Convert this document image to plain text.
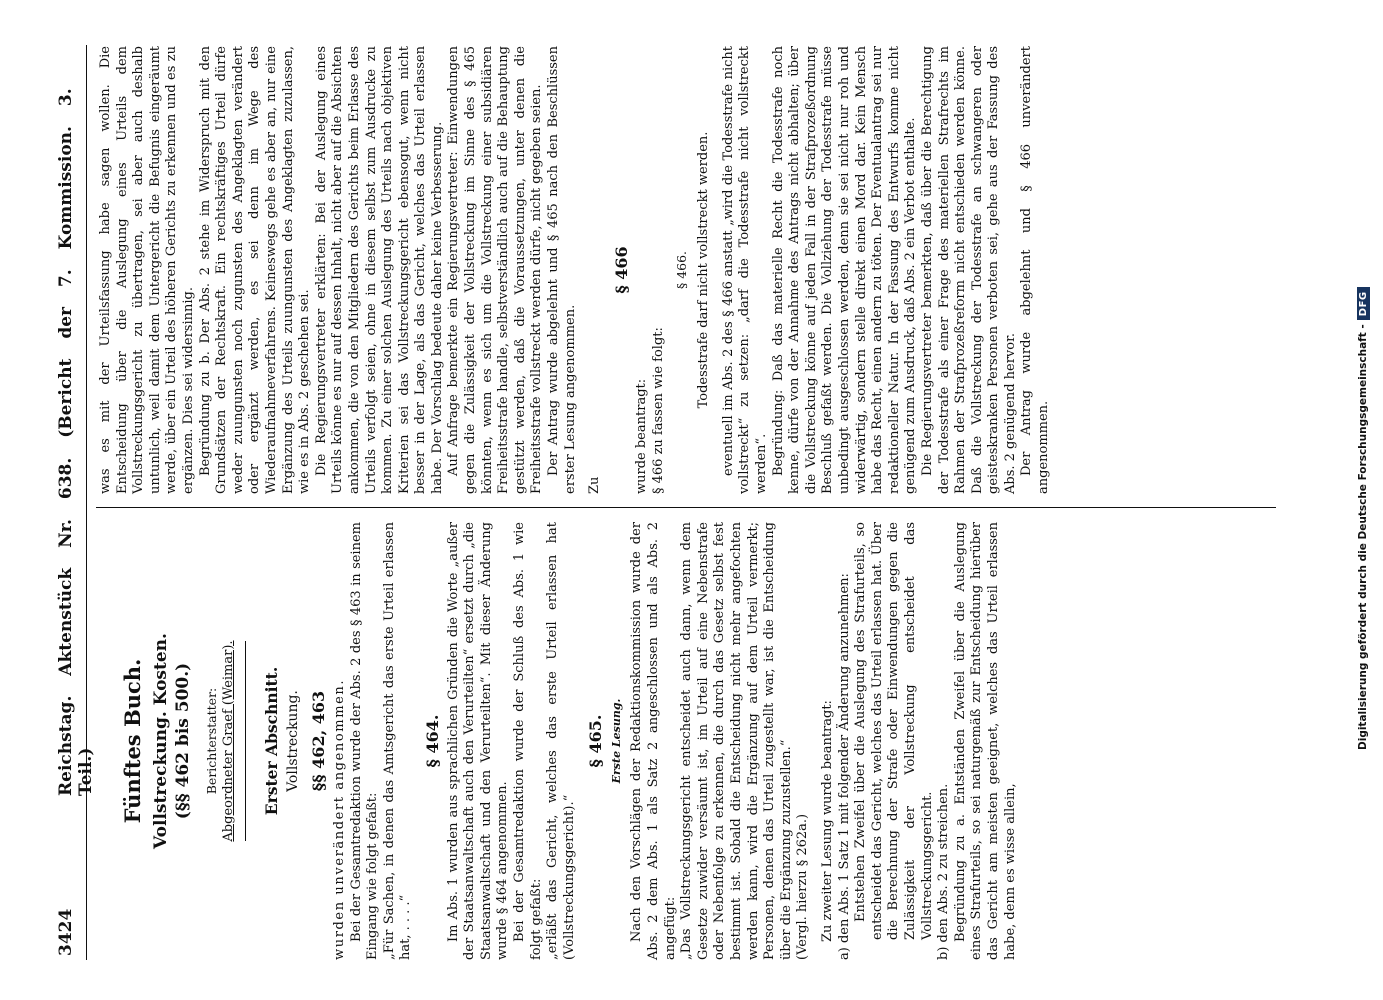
3424
Reichstag. Aktenstück Nr. 638. (Bericht der 7. Kommission. 3. Teil.) Fünftes Buch. Vollstreckung. Kosten. (§§ 462 bis 500.) Berichterstatter: Abgeordneter Graef (Weimar). Erster Abschnitt. Vollstreckung. §§ 462, 463 wurden unverändert angenommen. Bei der Gesamtredaktion wurde der Abs. 2 des § 463 in seinem Eingang wie folgt gefaßt: „Für Sachen, in denen das Amtsgericht das erste Urteil erlassen hat, . . . .“

§ 464. Im Abs. 1 wurden aus sprachlichen Gründen die Worte „außer der Staatsanwaltschaft auch den Verurteilten“ ersetzt durch „die Staatsanwaltschaft und den Verurteilten“. Mit dieser Änderung wurde § 464 angenommen. Bei der Gesamtredaktion wurde der Schluß des Abs. 1 wie folgt gefaßt: „erläßt das Gericht, welches das erste Urteil erlassen hat (Vollstreckungsgericht).“

§ 465. Erste Lesung. Nach den Vorschlägen der Redaktionskommission wurde der Abs. 2 dem Abs. 1 als Satz 2 angeschlossen und als Abs. 2 angefügt: „Das Vollstreckungsgericht entscheidet auch dann, wenn dem Gesetze zuwider versäumt ist, im Urteil auf eine Nebenstrafe oder Nebenfolge zu erkennen, die durch das Gesetz selbst fest bestimmt ist. Sobald die Entscheidung nicht mehr angefochten werden kann, wird die Ergänzung auf dem Urteil vermerkt; Personen, denen das Urteil zugestellt war, ist die Entscheidung über die Ergänzung zuzustellen.“ (Vergl. hierzu § 262a.) Zu zweiter Lesung wurde beantragt:

a) den Abs. 1 Satz 1 mit folgender Änderung anzunehmen: Entstehen Zweifel über die Auslegung des Strafurteils, so entscheidet das Gericht, welches das Urteil erlassen hat. Über die Berechnung der Strafe oder Einwendungen gegen die Zulässigkeit der Vollstreckung entscheidet das Vollstreckungsgericht.

b) den Abs. 2 zu streichen. Begründung zu a. Entständen Zweifel über die Auslegung eines Strafurteils, so sei naturgemäß zur Entscheidung hierüber das Gericht am meisten geeignet, welches das Urteil erlassen habe, denn es wisse allein,

was es mit der Urteilsfassung habe sagen wollen. Die Entscheidung über die Auslegung eines Urteils dem Vollstreckungsgericht zu übertragen, sei aber auch deshalb untunlich, weil damit dem Untergericht die Befugnis eingeräumt werde, über ein Urteil des höheren Gerichts zu erkennen und es zu ergänzen. Dies sei widersinnig. Begründung zu b. Der Abs. 2 stehe im Widerspruch mit den Grundsätzen der Rechtskraft. Ein rechtskräftiges Urteil dürfe weder zuungunsten noch zugunsten des Angeklagten verändert oder ergänzt werden, es sei denn im Wege des Wiederaufnahmeverfahrens. Keineswegs gehe es aber an, nur eine Ergänzung des Urteils zuungunsten des Angeklagten zuzulassen, wie es in Abs. 2 geschehen sei. Die Regierungsvertreter erklärten: Bei der Auslegung eines Urteils könne es nur auf dessen Inhalt, nicht aber auf die Absichten ankommen, die von den Mitgliedern des Gerichts beim Erlasse des Urteils verfolgt seien, ohne in diesem selbst zum Ausdrucke zu kommen. Zu einer solchen Auslegung des Urteils nach objektiven Kriterien sei das Vollstreckungsgericht ebensogut, wenn nicht besser in der Lage, als das Gericht, welches das Urteil erlassen habe. Der Vorschlag bedeute daher keine Verbesserung. Auf Anfrage bemerkte ein Regierungsvertreter: Einwendungen gegen die Zulässigkeit der Vollstreckung im Sinne des § 465 könnten, wenn es sich um die Vollstreckung einer subsidiären Freiheitsstrafe handle, selbstverständlich auch auf die Behauptung gestützt werden, daß die Voraussetzungen, unter denen die Freiheitsstrafe vollstreckt werden dürfe, nicht gegeben seien. Der Antrag wurde abgelehnt und § 465 nach den Beschlüssen erster Lesung angenommen. Zu

§ 466

wurde beantragt: § 466 zu fassen wie folgt:

§ 466. Todesstrafe darf nicht vollstreckt werden. eventuell im Abs. 2 des § 466 anstatt „wird die Todesstrafe nicht vollstreckt“ zu setzen: „darf die Todesstrafe nicht vollstreckt werden“. Begründung: Daß das materielle Recht die Todesstrafe noch kenne, dürfe von der Annahme des Antrags nicht abhalten; über die Vollstreckung könne auf jeden Fall in der Strafprozeßordnung Beschluß gefaßt werden. Die Vollziehung der Todesstrafe müsse unbedingt ausgeschlossen werden, denn sie sei nicht nur roh und widerwärtig, sondern stelle direkt einen Mord dar. Kein Mensch habe das Recht, einen andern zu töten. Der Eventualantrag sei nur redaktioneller Natur. In der Fassung des Entwurfs komme nicht genügend zum Ausdruck, daß Abs. 2 ein Verbot enthalte. Die Regierungsvertreter bemerkten, daß über die Berechtigung der Todesstrafe als einer Frage des materiellen Strafrechts im Rahmen der Strafprozeßreform nicht entschieden werden könne. Daß die Vollstreckung der Todesstrafe an schwangeren oder geisteskranken Personen verboten sei, gehe aus der Fassung des Abs. 2 genügend hervor. Der Antrag wurde abgelehnt und § 466 unverändert angenommen.	Digitalisierung gefördert durch die Deutsche Forschungsgemeinschaft -DFG
